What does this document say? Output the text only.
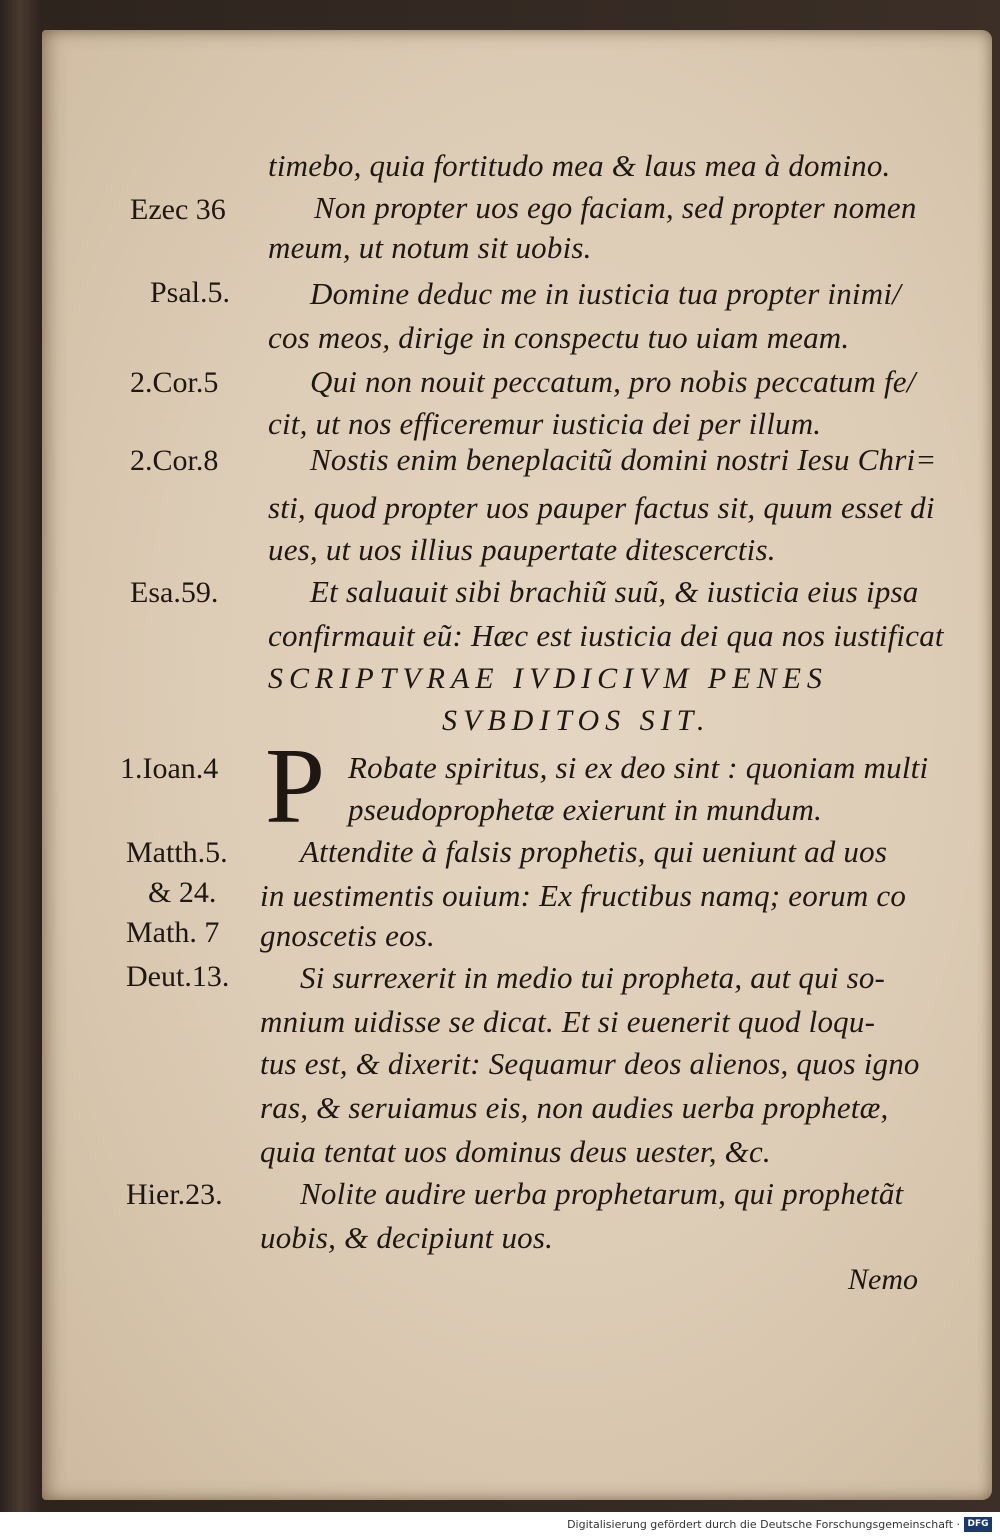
Ezec 36
Psal.5.
2.Cor.5
2.Cor.8
Esa.59.
1.Ioan.4
Matth.5.
& 24.
Math. 7
Deut.13.
Hier.23.
timebo, quia fortitudo mea & laus mea à domino.
Non propter uos ego faciam, sed propter nomen
meum, ut notum sit uobis.
Domine deduc me in iusticia tua propter inimi/
cos meos, dirige in conspectu tuo uiam meam.
Qui non nouit peccatum, pro nobis peccatum fe/
cit, ut nos efficeremur iusticia dei per illum.
Nostis enim beneplacitũ domini nostri Iesu Chri=
sti, quod propter uos pauper factus sit, quum esset di
ues, ut uos illius paupertate ditescerctis.
Et saluauit sibi brachiũ suũ, & iusticia eius ipsa
confirmauit eũ: Hæc est iusticia dei qua nos iustificat
SCRIPTVRAE IVDICIVM PENES
SVBDITOS SIT.
P Robate spiritus, si ex deo sint : quoniam multi
pseudoprophetæ exierunt in mundum.
Attendite à falsis prophetis, qui ueniunt ad uos
in uestimentis ouium: Ex fructibus namq; eorum co
gnoscetis eos.
Si surrexerit in medio tui propheta, aut qui so-
mnium uidisse se dicat. Et si euenerit quod loqu-
tus est, & dixerit: Sequamur deos alienos, quos igno
ras, & seruiamus eis, non audies uerba prophetæ,
quia tentat uos dominus deus uester, &c.
Nolite audire uerba prophetarum, qui prophetãt
uobis, & decipiunt uos.
Nemo
Digitalisierung gefördert durch die Deutsche Forschungsgemeinschaft · DFG
